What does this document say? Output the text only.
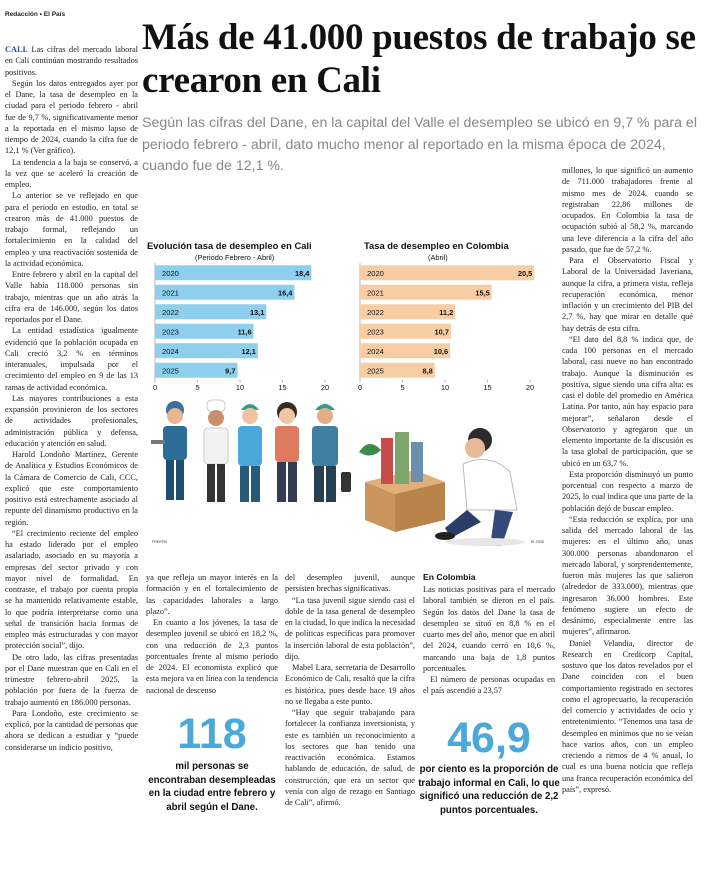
Redacción • El País
Más de 41.000 puestos de trabajo se crearon en Cali
Según las cifras del Dane, en la capital del Valle el desempleo se ubicó en 9,7 % para el periodo febrero - abril, dato mucho menor al reportado en la misma época de 2024, cuando fue de 12,1 %.

CALI. Las cifras del mercado laboral en Cali continúan mostrando resultados positivos.

Según los datos entregados ayer por el Dane, la tasa de desempleo en la ciudad para el periodo febrero - abril fue de 9,7 %, significativamente menor a la reportada en el mismo lapso de tiempo de 2024, cuando la cifra fue de 12,1 % (Ver gráfico).

La tendencia a la baja se conservó, a la vez que se aceleró la creación de empleo.

Lo anterior se ve reflejado en que para el periodo en estudio, en total se crearon más de 41.000 puestos de trabajo formal, reflejando un fortalecimiento en la calidad del empleo y una reactivación sostenida de la actividad económica.

Entre febrero y abril en la capital del Valle había 118.000 personas sin trabajo, mientras que un año atrás la cifra era de 146.000, según los datos reportados por el Dane.

La entidad estadística igualmente evidenció que la población ocupada en Cali creció 3,2 % en términos interanuales, impulsada por el crecimiento del empleo en 9 de las 13 ramas de actividad económica.

Las mayores contribuciones a esta expansión provinieron de los sectores de actividades profesionales, administración pública y defensa, educación y atención en salud.

Harold Londoño Martínez, Gerente de Analítica y Estudios Económicos de la Cámara de Comercio de Cali, CCC, explicó que este comportamiento positivo está estrechamente asociado al repunte del dinamismo productivo en la región.

“El crecimiento reciente del empleo ha estado liderado por el empleo asalariado, asociado en su mayoría a empresas del sector privado y con mayor nivel de formalidad. En contraste, el trabajo por cuenta propia se ha mantenido relativamente estable, lo que podría interpretarse como una señal de transición hacia formas de empleo más estructuradas y con mayor protección social”, dijo.

De otro lado, las cifras presentadas por el Dane muestran que en Cali en el trimestre febrero-abril 2025, la población por fuera de la fuerza de trabajo aumentó en 186.000 personas.

Para Londoño, este crecimiento se explicó, por la cantidad de personas que ahora se dedican a estudiar y “puede considerarse un indicio positivo,

Evolución tasa de desempleo en Cali
(Periodo Febrero - Abril)
2020	18,4
2021	16,4
2022	13,1
2023	11,6
2024	12,1
2025	9,7
0	5	10	15	20
Tasa de desempleo en Colombia
(Abril)
2020	20,5
2021	15,5
2022	11,2
2023	10,7
2024	10,6
2025	8,8
0	5	10	15	20
FREEPIK	EL PAÍS

ya que refleja un mayor interés en la formación y en el fortalecimiento de las capacidades laborales a largo plazo”.

En cuanto a los jóvenes, la tasa de desempleo juvenil se ubicó en 18,2 %, con una reducción de 2,3 puntos porcentuales frente al mismo periodo de 2024. El economista explicó que esta mejora va en línea con la tendencia nacional de descenso

del desempleo juvenil, aunque persisten brechas significativas.

“La tasa juvenil sigue siendo casi el doble de la tasa general de desempleo en la ciudad, lo que indica la necesidad de políticas específicas para promover la inserción laboral de esta población”, dijo.

Mabel Lara, secretaria de Desarrollo Económico de Cali, resaltó que la cifra es histórica, pues desde hace 19 años no se llegaba a este punto.

“Hay que seguir trabajando para fortalecer la confianza inversionista, y este es también un reconocimiento a los sectores que han tenido una reactivación económica. Estamos hablando de educación, de salud, de construcción, que era un sector que venía con algo de rezago en Santiago de Cali”, afirmó.

En Colombia

Las noticias positivas para el mercado laboral también se dieron en el país. Según los datos del Dane la tasa de desempleo se situó en 8,8 % en el cuarto mes del año, menor que en abril del 2024, cuando cerró en 10,6 %, marcando una baja de 1,8 puntos porcentuales.

El número de personas ocupadas en el país ascendió a 23,57

millones, lo que significó un aumento de 711.000 trabajadores frente al mismo mes de 2024, cuando se registraban 22,86 millones de ocupados. En Colombia la tasa de ocupación subió al 58,2 %, marcando una leve diferencia a la cifra del año pasado, que fue de 57,2 %.

Para el Observatorio Fiscal y Laboral de la Universidad Javeriana, aunque la cifra, a primera vista, refleja recuperación económica, menor inflación y un crecimiento del PIB del 2,7 %, hay que mirar en detalle qué hay detrás de esta cifra.

“El dato del 8,8 % indica que, de cada 100 personas en el mercado laboral, casi nueve no han encontrado trabajo. Aunque la disminución es positiva, sigue siendo una cifra alta: es casi el doble del promedio en América Latina. Por tanto, aún hay espacio para mejorar”, señalaron desde el Observatorio y agregaron que un elemento importante de la discusión es la tasa global de participación, que se ubicó en un 63,7 %.

Esta proporción disminuyó un punto porcentual con respecto a marzo de 2025, lo cual indica que una parte de la población dejó de buscar empleo.

“Esta reducción se explica, por una salida del mercado laboral de las mujeres: en el último año, unas 300.000 personas abandonaron el mercado laboral, y sorprendentemente, fueron más mujeres las que salieron (alrededor de 333.000), mientras que ingresaron 36.000 hombres. Este fenómeno sugiere un efecto de desánimo, especialmente entre las mujeres”, afirmaron.

Daniel Velandia, director de Research en Credicorp Capital, sostuvo que los datos revelados por el Dane coinciden con el buen comportamiento registrado en sectores como el agropecuario, la recuperación del comercio y actividades de ocio y entretenimiento. “Tenemos una tasa de desempleo en mínimos que no se veían hace varios años, con un empleo creciendo a ritmos de 4 % anual, lo cual es una buena noticia que refleja una franca recuperación económica del país”, expresó.

118
mil personas se encontraban desempleadas en la ciudad entre febrero y abril según el Dane.
46,9
por ciento es la proporción de trabajo informal en Cali, lo que significó una reducción de 2,2 puntos porcentuales.
